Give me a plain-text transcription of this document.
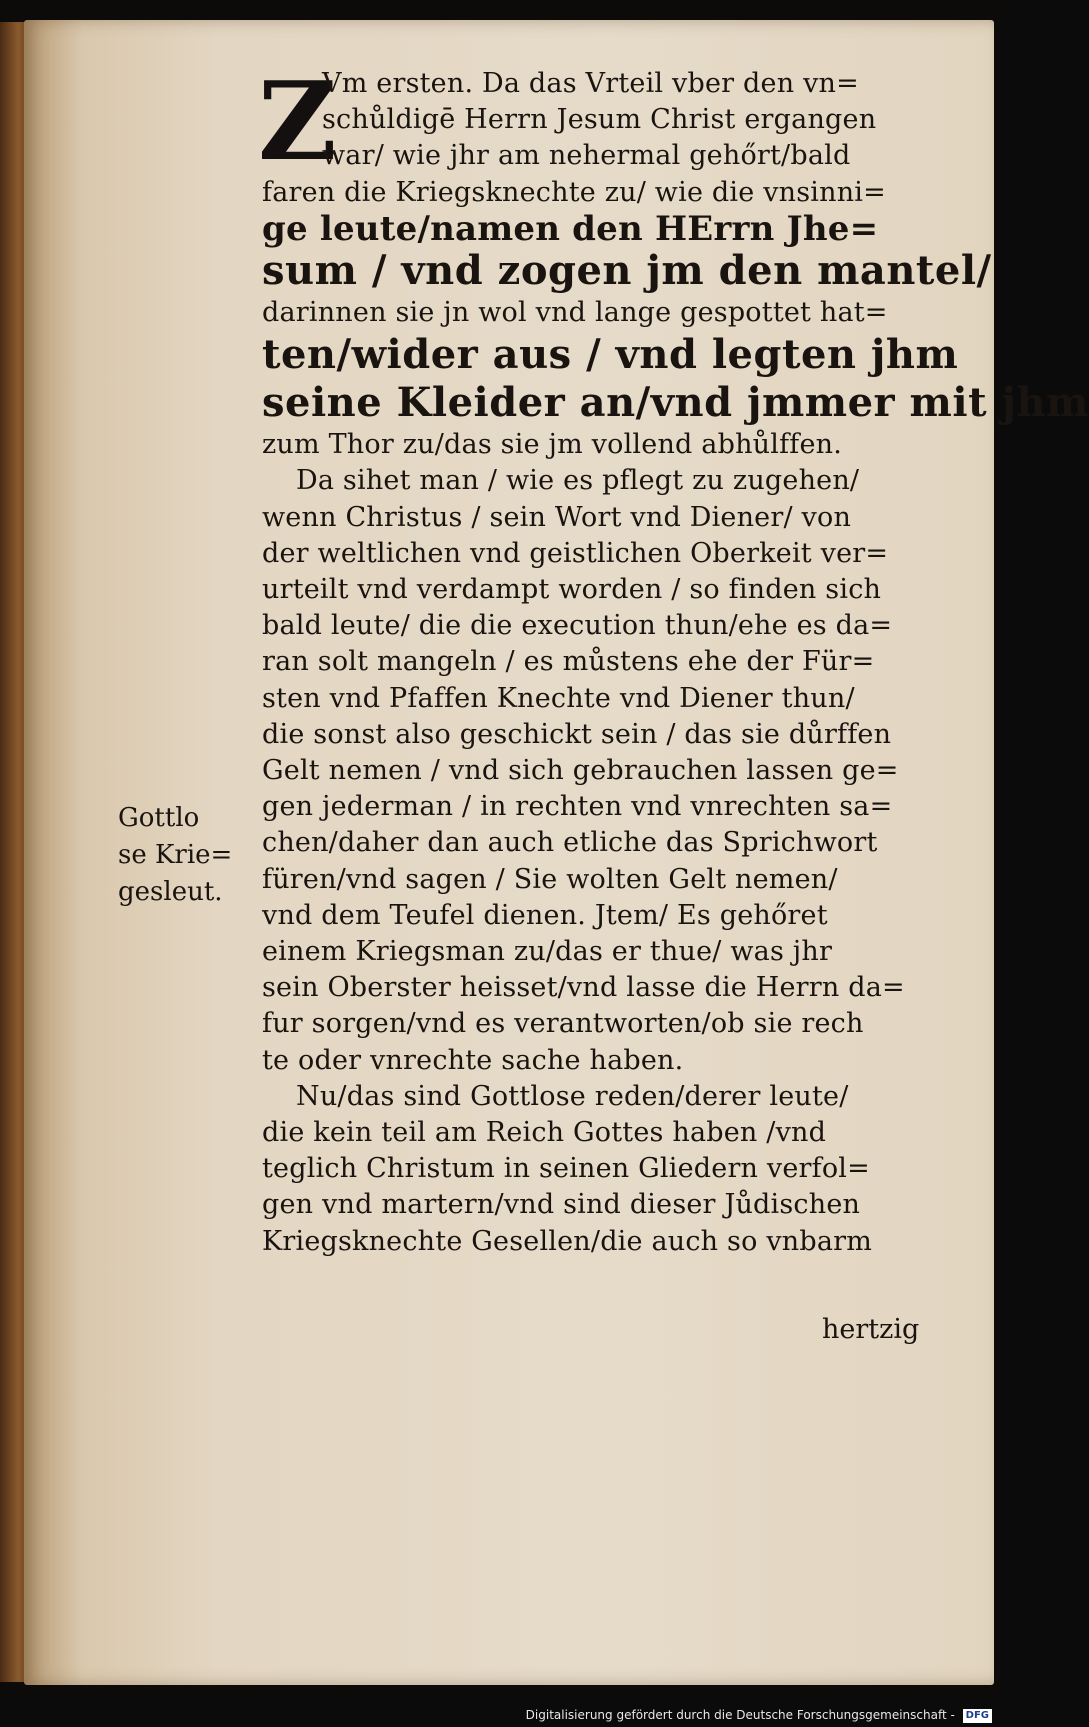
Z
Vm ersten. Da das Vrteil vber den vn=
schůldigē Herrn Jesum Christ ergangen
war/ wie jhr am nehermal gehőrt/bald
faren die Kriegsknechte zu/ wie die vnsinni=
ge leute/namen den HErrn Jhe=
sum / vnd zogen jm den mantel/
darinnen sie jn wol vnd lange gespottet hat=
ten/wider aus / vnd legten jhm
seine Kleider an/vnd jmmer mit jhm
zum Thor zu/das sie jm vollend abhůlffen.
Da sihet man / wie es pflegt zu zugehen/
wenn Christus / sein Wort vnd Diener/ von
der weltlichen vnd geistlichen Oberkeit ver=
urteilt vnd verdampt worden / so finden sich
bald leute/ die die execution thun/ehe es da=
ran solt mangeln / es můstens ehe der Für=
sten vnd Pfaffen Knechte vnd Diener thun/
die sonst also geschickt sein / das sie důrffen
Gelt nemen / vnd sich gebrauchen lassen ge=
gen jederman / in rechten vnd vnrechten sa=
chen/daher dan auch etliche das Sprichwort
füren/vnd sagen / Sie wolten Gelt nemen/
vnd dem Teufel dienen. Jtem/ Es gehőret
einem Kriegsman zu/das er thue/ was jhr
sein Oberster heisset/vnd lasse die Herrn da=
fur sorgen/vnd es verantworten/ob sie rech
te oder vnrechte sache haben.
Nu/das sind Gottlose reden/derer leute/
die kein teil am Reich Gottes haben /vnd
teglich Christum in seinen Gliedern verfol=
gen vnd martern/vnd sind dieser Jůdischen
Kriegsknechte Gesellen/die auch so vnbarm
hertzig
Gottlo
se Krie=
gesleut.
Digitalisierung gefördert durch die Deutsche Forschungsgemeinschaft - DFG
